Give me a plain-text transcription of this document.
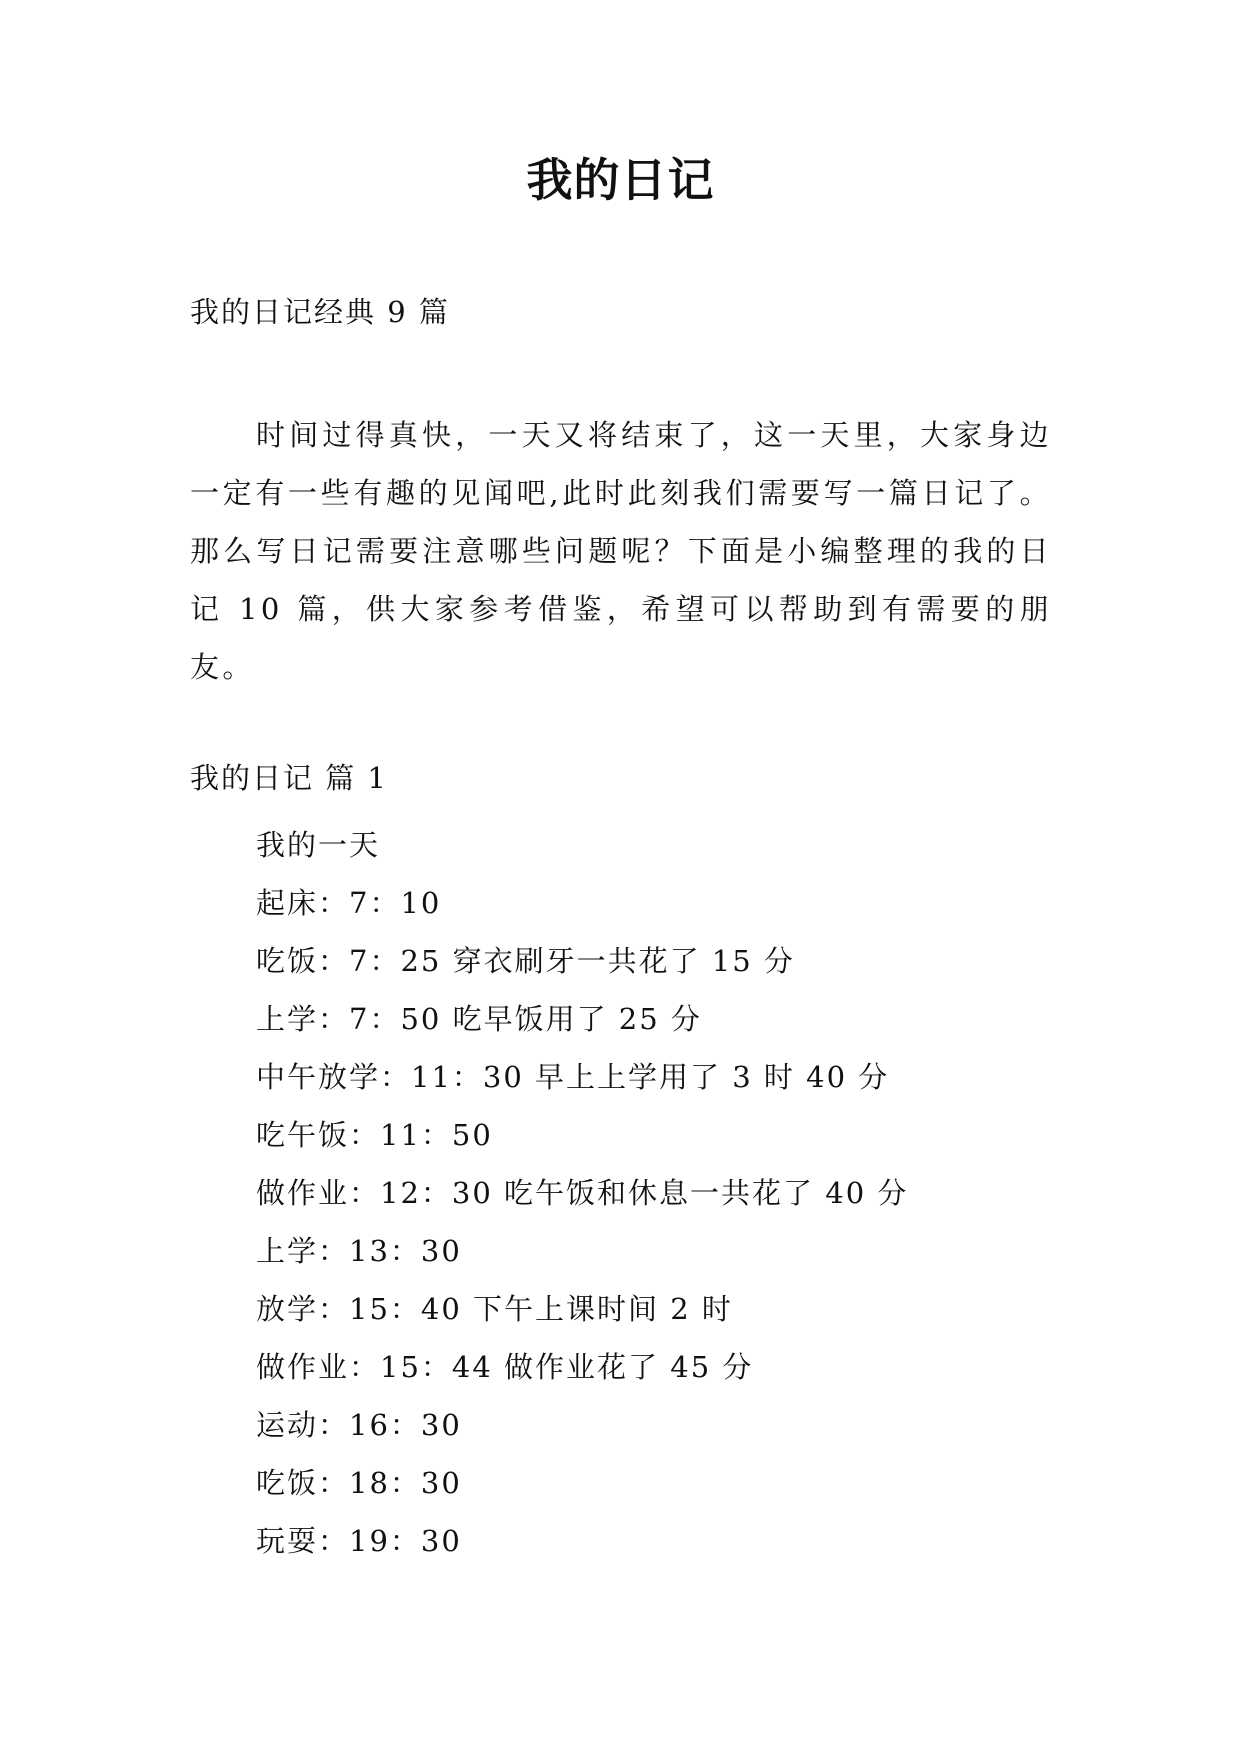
我的日记
我的日记经典 9 篇

时间过得真快，一天又将结束了，这一天里，大家身边一定有一些有趣的见闻吧,此时此刻我们需要写一篇日记了。那么写日记需要注意哪些问题呢？下面是小编整理的我的日记 10 篇，供大家参考借鉴，希望可以帮助到有需要的朋友。

我的日记 篇 1
我的一天
起床：7：10
吃饭：7：25 穿衣刷牙一共花了 15 分
上学：7：50 吃早饭用了 25 分
中午放学：11：30 早上上学用了 3 时 40 分
吃午饭：11：50
做作业：12：30 吃午饭和休息一共花了 40 分
上学：13：30
放学：15：40 下午上课时间 2 时
做作业：15：44 做作业花了 45 分
运动：16：30
吃饭：18：30
玩耍：19：30
